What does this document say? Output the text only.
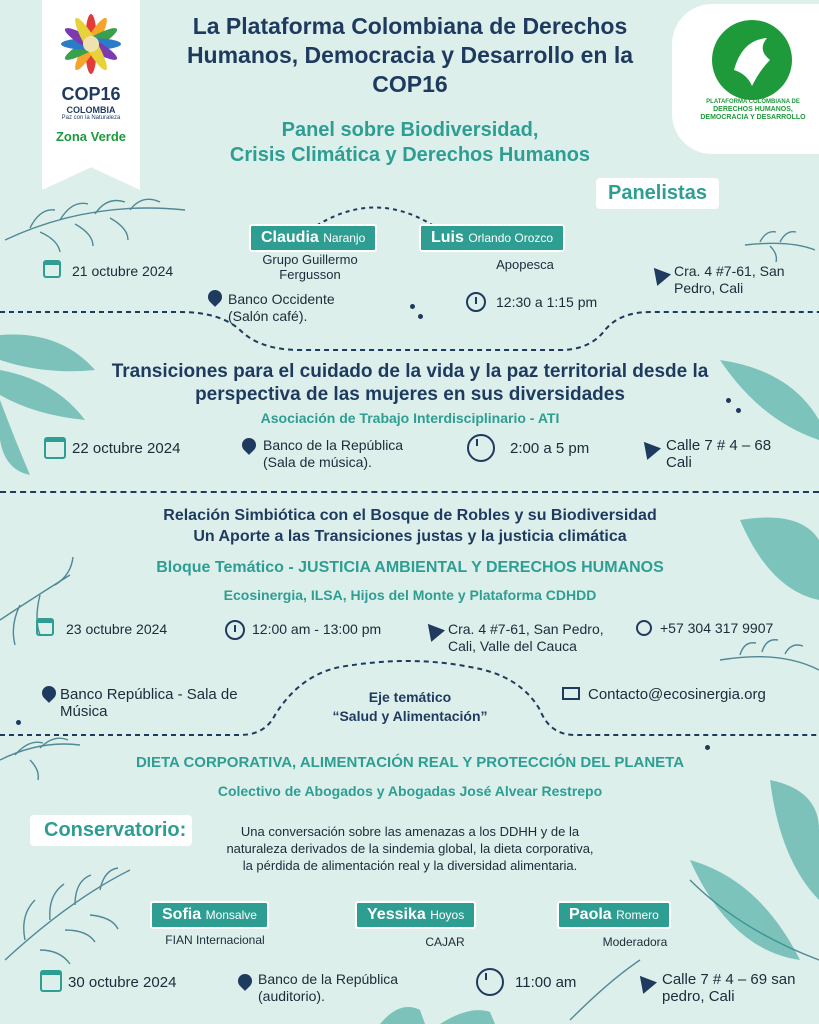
COP16
COLOMBIA
Paz con la Naturaleza
Zona Verde
PLATAFORMA COLOMBIANA DE
DERECHOS HUMANOS,
DEMOCRACIA Y DESARROLLO
La Plataforma Colombiana de Derechos Humanos, Democracia y Desarrollo en la COP16
Panel sobre Biodiversidad,
Crisis Climática y Derechos Humanos
Panelistas
Claudia Naranjo
Grupo Guillermo Fergusson
Luis Orlando Orozco
Apopesca
21 octubre 2024
Banco Occidente (Salón café).
12:30 a 1:15 pm
Cra. 4 #7-61, San Pedro, Cali
Transiciones para el cuidado de la vida y la paz territorial desde la perspectiva de las mujeres en sus diversidades
Asociación de Trabajo Interdisciplinario - ATI
22 octubre 2024	Banco de la República (Sala de música).
2:00 a 5 pm	Calle 7 # 4 – 68 Cali
Relación Simbiótica con el Bosque de Robles y su Biodiversidad
Un Aporte a las Transiciones justas y la justicia climática
Bloque Temático - JUSTICIA AMBIENTAL Y DERECHOS HUMANOS
Ecosinergia, ILSA, Hijos del Monte y Plataforma CDHDD
23 octubre 2024	12:00 am - 13:00 pm	Cra. 4 #7-61, San Pedro, Cali, Valle del Cauca
+57 304 317 9907
Banco República - Sala de Música
Eje temático
“Salud y Alimentación”
Contacto@ecosinergia.org
DIETA CORPORATIVA, ALIMENTACIÓN REAL Y PROTECCIÓN DEL PLANETA
Colectivo de Abogados y Abogadas José Alvear Restrepo
Conservatorio:	Una conversación sobre las amenazas a los DDHH y de la naturaleza derivados de la sindemia global, la dieta corporativa, la pérdida de alimentación real y la diversidad alimentaria.
Sofia Monsalve
FIAN Internacional
Yessika Hoyos
CAJAR
Paola Romero
Moderadora
30 octubre 2024	Banco de la República (auditorio).
11:00 am	Calle 7 # 4 – 69 san pedro, Cali
